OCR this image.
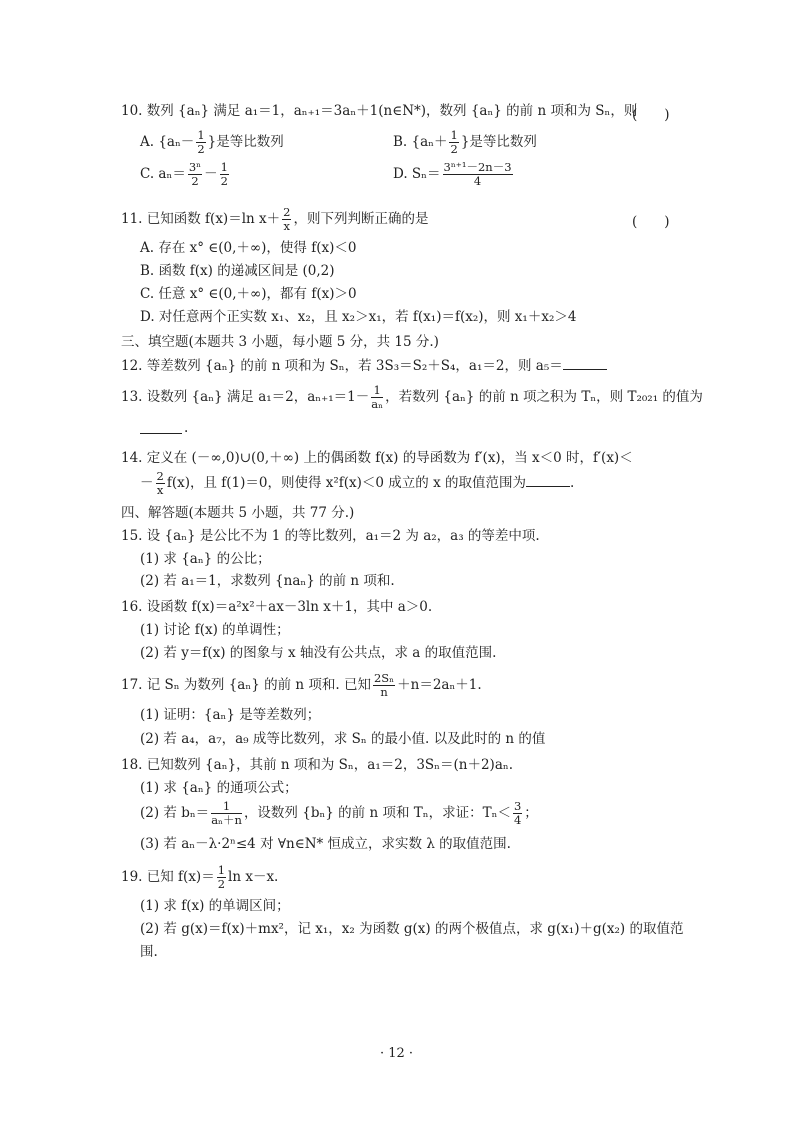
10. 数列 {aₙ} 满足 a₁＝1，aₙ₊₁＝3aₙ＋1(n∈N*)，数列 {aₙ} 的前 n 项和为 Sₙ，则
(　　)
A. {$a_n- \frac{1}{2}$ }是等比数列	B. {$a_n+ \frac{1}{2}$ }是等比数列
C. $a_n= \frac{\text{3ⁿ}}{2} - \frac{1}{2}$	D. $S_n= \frac{\text{3ⁿ⁺¹－2n－3}}{4}$
11. 已知函数 f(x)＝ln $x+ \frac{2}{x}$ ，则下列判断正确的是	(　　)
A. 存在 x° ∈(0,＋∞)，使得 f(x)＜0
B. 函数 f(x) 的递减区间是 (0,2)
C. 任意 x° ∈(0,＋∞)，都有 f(x)＞0
D. 对任意两个正实数 x₁、x₂，且 x₂＞x₁，若 f(x₁)＝f(x₂)，则 x₁＋x₂＞4
三、填空题(本题共 3 小题，每小题 5 分，共 15 分.)
12. 等差数列 {aₙ} 的前 n 项和为 Sₙ，若 3S₃＝S₂＋S₄，a₁＝2，则 a₅＝
13. 设数列 {aₙ} 满足 a₁＝2，$a_{n+1}=1- \frac{1}{\text{aₙ}}$ ，若数列 {aₙ} 的前 n 项之积为 Tₙ，则 T₂₀₂₁ 的值为
.
14. 定义在 (－∞,0)∪(0,＋∞) 上的偶函数 f(x) 的导函数为 f′(x)，当 x＜0 时，f′(x)＜
－ $\frac{2}{x} f(x)$，且 f(1)＝0，则使得 x²f(x)＜0 成立的 x 的取值范围为	.
四、解答题(本题共 5 小题，共 77 分.)
15. 设 {aₙ} 是公比不为 1 的等比数列，a₁＝2 为 a₂，a₃ 的等差中项.
(1) 求 {aₙ} 的公比；
(2) 若 a₁＝1，求数列 {naₙ} 的前 n 项和.
16. 设函数 f(x)＝a²x²＋ax－3ln x＋1，其中 a＞0.
(1) 讨论 f(x) 的单调性；
(2) 若 y＝f(x) 的图象与 x 轴没有公共点，求 a 的取值范围.
17. 记 Sₙ 为数列 {aₙ} 的前 n 项和. 已知 $\frac{\text{2Sₙ}}{n} +n=2a_n+1$.
(1) 证明：{aₙ} 是等差数列；
(2) 若 a₄，a₇，a₉ 成等比数列，求 Sₙ 的最小值. 以及此时的 n 的值
18. 已知数列 {aₙ}，其前 n 项和为 Sₙ，a₁＝2，3Sₙ＝(n＋2)aₙ.
(1) 求 {aₙ} 的通项公式；
(2) 若 $b_n= \frac{1}{\text{aₙ＋n}}$ ，设数列 {bₙ} 的前 n 项和 Tₙ，求证：$T_n< \frac{3}{4}$ ；
(3) 若 aₙ－λ·2ⁿ≤4 对 ∀n∈N* 恒成立，求实数 λ 的取值范围.
19. 已知 $f(x)= \frac{1}{2}$ ln x－x.
(1) 求 f(x) 的单调区间；
(2) 若 g(x)＝f(x)＋mx²，记 x₁，x₂ 为函数 g(x) 的两个极值点，求 g(x₁)＋g(x₂) 的取值范
围.
· 12 ·
